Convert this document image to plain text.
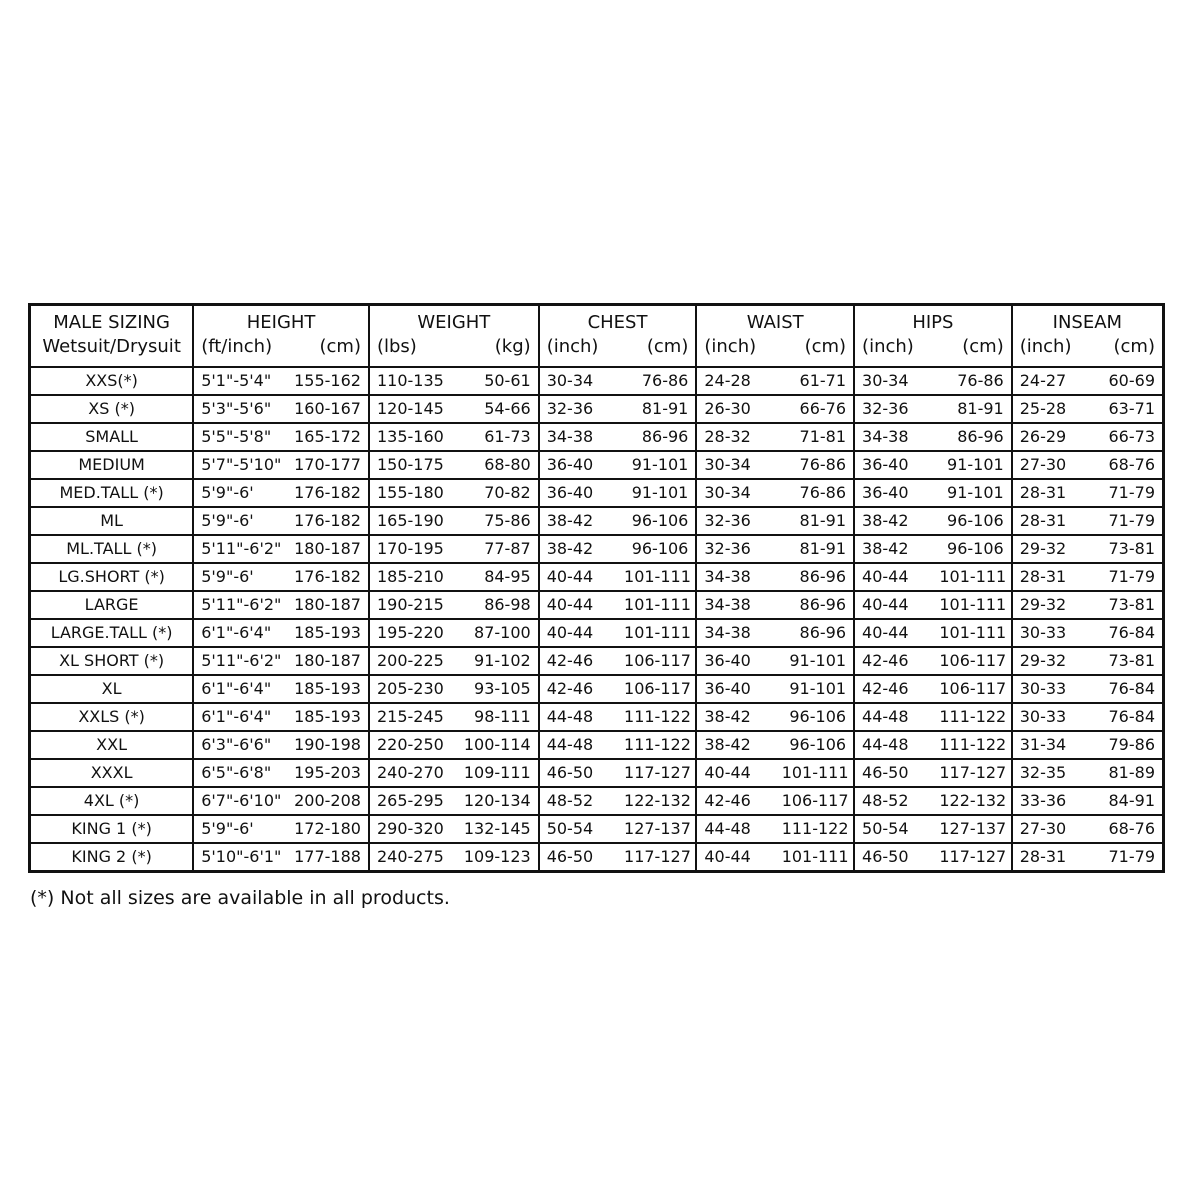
MALE SIZING	HEIGHT		WEIGHT		CHEST		WAIST		HIPS		INSEAM	
Wetsuit/Drysuit	(ft/inch)	(cm)	(lbs)	(kg)	(inch)	(cm)	(inch)	(cm)	(inch)	(cm)	(inch)	(cm)
XXS(*)	5'1"-5'4"	155-162	110-135	50-61	30-34	76-86	24-28	61-71	30-34	76-86	24-27	60-69
XS (*)	5'3"-5'6"	160-167	120-145	54-66	32-36	81-91	26-30	66-76	32-36	81-91	25-28	63-71
SMALL	5'5"-5'8"	165-172	135-160	61-73	34-38	86-96	28-32	71-81	34-38	86-96	26-29	66-73
MEDIUM	5'7"-5'10"	170-177	150-175	68-80	36-40	91-101	30-34	76-86	36-40	91-101	27-30	68-76
MED.TALL (*)	5'9"-6'	176-182	155-180	70-82	36-40	91-101	30-34	76-86	36-40	91-101	28-31	71-79
ML	5'9"-6'	176-182	165-190	75-86	38-42	96-106	32-36	81-91	38-42	96-106	28-31	71-79
ML.TALL (*)	5'11"-6'2"	180-187	170-195	77-87	38-42	96-106	32-36	81-91	38-42	96-106	29-32	73-81
LG.SHORT (*)	5'9"-6'	176-182	185-210	84-95	40-44	101-111	34-38	86-96	40-44	101-111	28-31	71-79
LARGE	5'11"-6'2"	180-187	190-215	86-98	40-44	101-111	34-38	86-96	40-44	101-111	29-32	73-81
LARGE.TALL (*)	6'1"-6'4"	185-193	195-220	87-100	40-44	101-111	34-38	86-96	40-44	101-111	30-33	76-84
XL SHORT (*)	5'11"-6'2"	180-187	200-225	91-102	42-46	106-117	36-40	91-101	42-46	106-117	29-32	73-81
XL	6'1"-6'4"	185-193	205-230	93-105	42-46	106-117	36-40	91-101	42-46	106-117	30-33	76-84
XXLS (*)	6'1"-6'4"	185-193	215-245	98-111	44-48	111-122	38-42	96-106	44-48	111-122	30-33	76-84
XXL	6'3"-6'6"	190-198	220-250	100-114	44-48	111-122	38-42	96-106	44-48	111-122	31-34	79-86
XXXL	6'5"-6'8"	195-203	240-270	109-111	46-50	117-127	40-44	101-111	46-50	117-127	32-35	81-89
4XL (*)	6'7"-6'10"	200-208	265-295	120-134	48-52	122-132	42-46	106-117	48-52	122-132	33-36	84-91
KING 1 (*)	5'9"-6'	172-180	290-320	132-145	50-54	127-137	44-48	111-122	50-54	127-137	27-30	68-76
KING 2 (*)	5'10"-6'1"	177-188	240-275	109-123	46-50	117-127	40-44	101-111	46-50	117-127	28-31	71-79
(*) Not all sizes are available in all products.
